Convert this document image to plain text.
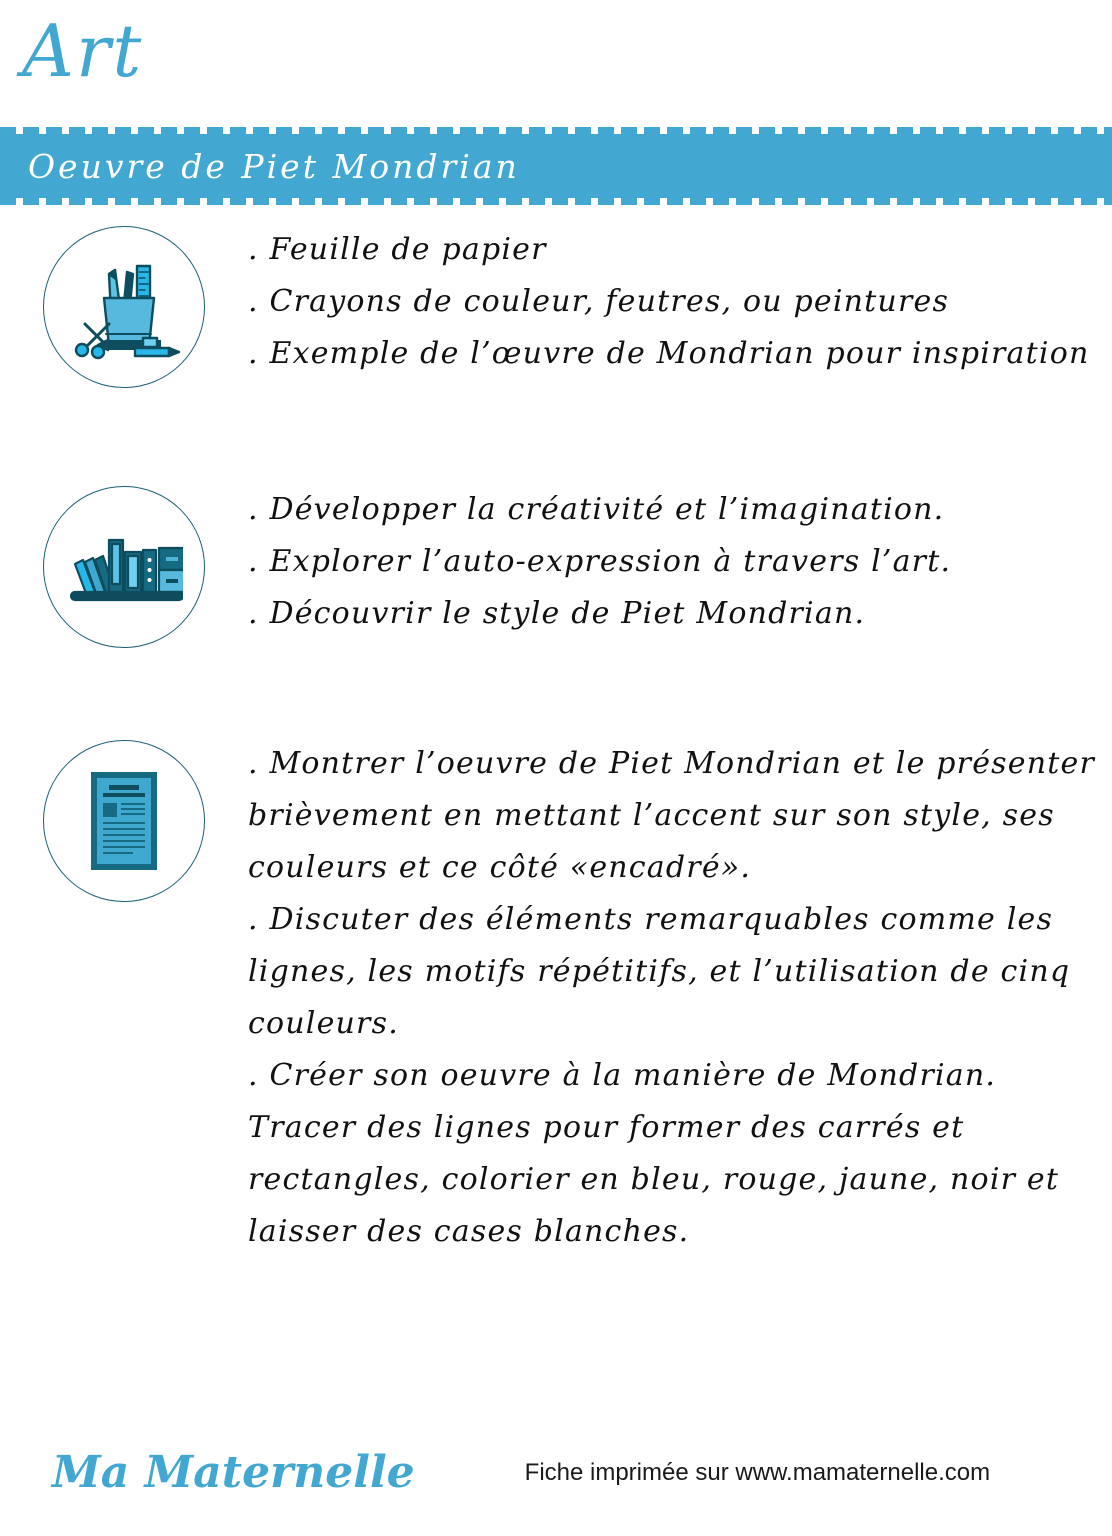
Art
Oeuvre de Piet Mondrian
. Feuille de papier
. Crayons de couleur, feutres, ou peintures
. Exemple de l’œuvre de Mondrian pour inspiration
. Développer la créativité et l’imagination.
. Explorer l’auto-expression à travers l’art.
. Découvrir le style de Piet Mondrian.
. Montrer l’oeuvre de Piet Mondrian et le présenter brièvement en mettant l’accent sur son style, ses couleurs et ce côté «encadré».
. Discuter des éléments remarquables comme les lignes, les motifs répétitifs, et l’utilisation de cinq couleurs.
. Créer son oeuvre à la manière de Mondrian. Tracer des lignes pour former des carrés et rectangles, colorier en bleu, rouge, jaune, noir et laisser des cases blanches.
Ma Maternelle	Fiche imprimée sur www.mamaternelle.com
